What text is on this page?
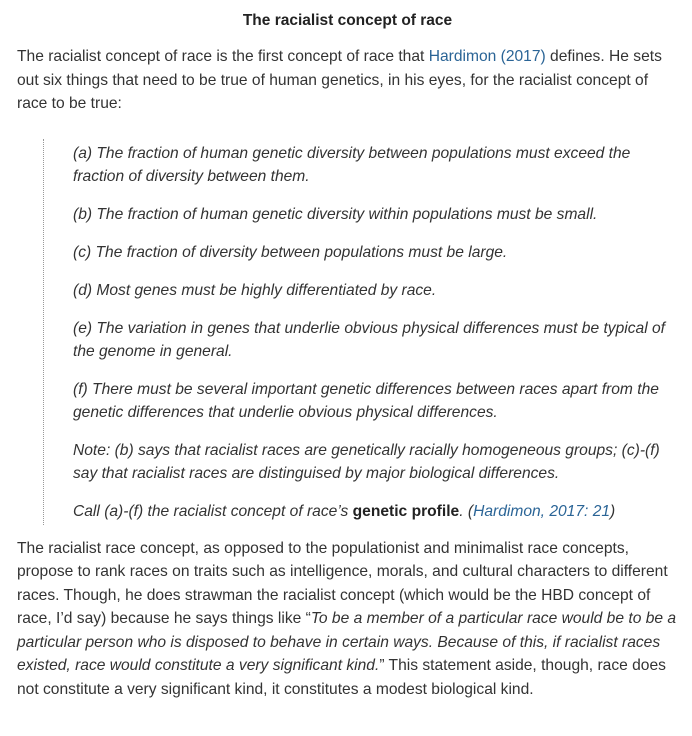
The racialist concept of race

The racialist concept of race is the first concept of race that Hardimon (2017) defines. He sets out six things that need to be true of human genetics, in his eyes, for the racialist concept of race to be true:

(a) The fraction of human genetic diversity between populations must exceed the fraction of diversity between them.

(b) The fraction of human genetic diversity within populations must be small.

(c) The fraction of diversity between populations must be large.

(d) Most genes must be highly differentiated by race.

(e) The variation in genes that underlie obvious physical differences must be typical of the genome in general.

(f) There must be several important genetic differences between races apart from the genetic differences that underlie obvious physical differences.

Note: (b) says that racialist races are genetically racially homogeneous groups; (c)-(f) say that racialist races are distinguised by major biological differences.

Call (a)-(f) the racialist concept of race’s genetic profile. (Hardimon, 2017: 21)

The racialist race concept, as opposed to the populationist and minimalist race concepts, propose to rank races on traits such as intelligence, morals, and cultural characters to different races. Though, he does strawman the racialist concept (which would be the HBD concept of race, I’d say) because he says things like “To be a member of a particular race would be to be a particular person who is disposed to behave in certain ways. Because of this, if racialist races existed, race would constitute a very significant kind.” This statement aside, though, race does not constitute a very significant kind, it constitutes a modest biological kind.
